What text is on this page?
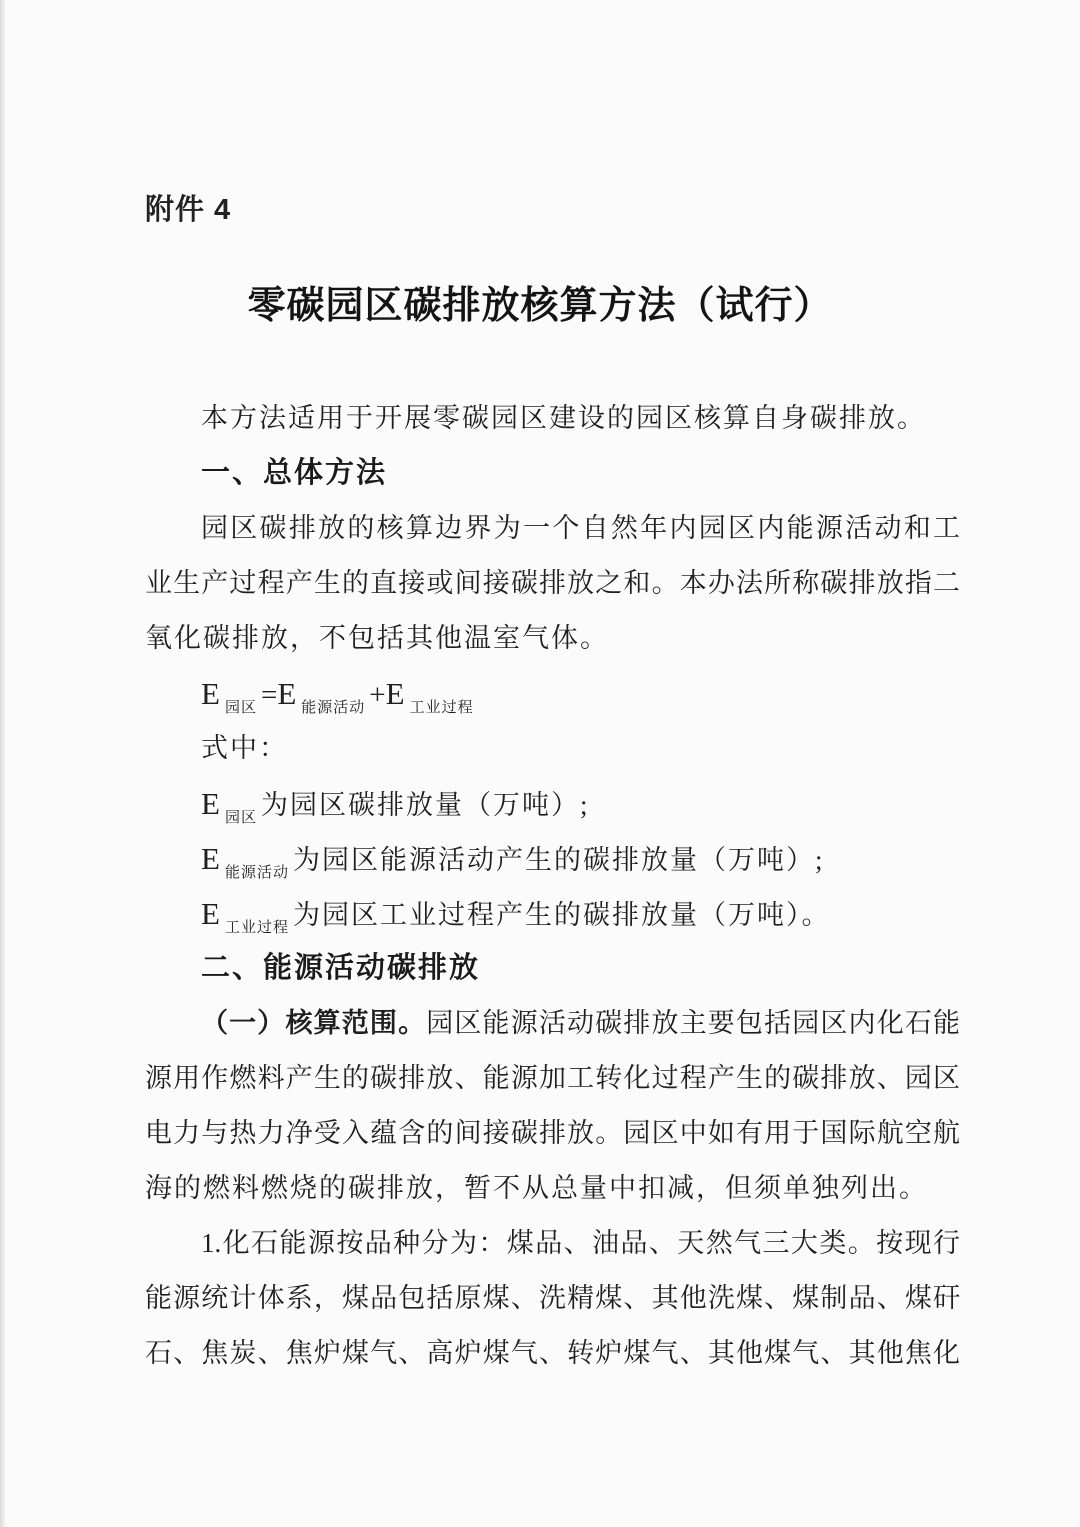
附件 4
零碳园区碳排放核算方法（试行）
本方法适用于开展零碳园区建设的园区核算自身碳排放。
一、总体方法
园区碳排放的核算边界为一个自然年内园区内能源活动和工
业生产过程产生的直接或间接碳排放之和。本办法所称碳排放指二
氧化碳排放，不包括其他温室气体。
E $_{园区}$ =E $_{能源活动}$ +E $_{工业过程}$
式中：
E $_{园区}$ 为园区碳排放量（万吨）;
E $_{能源活动}$ 为园区能源活动产生的碳排放量（万吨）;
E $_{工业过程}$ 为园区工业过程产生的碳排放量（万吨）。
二、能源活动碳排放
（一）核算范围。园区能源活动碳排放主要包括园区内化石能
源用作燃料产生的碳排放、能源加工转化过程产生的碳排放、园区
电力与热力净受入蕴含的间接碳排放。园区中如有用于国际航空航
海的燃料燃烧的碳排放，暂不从总量中扣减，但须单独列出。
1.化石能源按品种分为：煤品、油品、天然气三大类。按现行
能源统计体系，煤品包括原煤、洗精煤、其他洗煤、煤制品、煤矸
石、焦炭、焦炉煤气、高炉煤气、转炉煤气、其他煤气、其他焦化
